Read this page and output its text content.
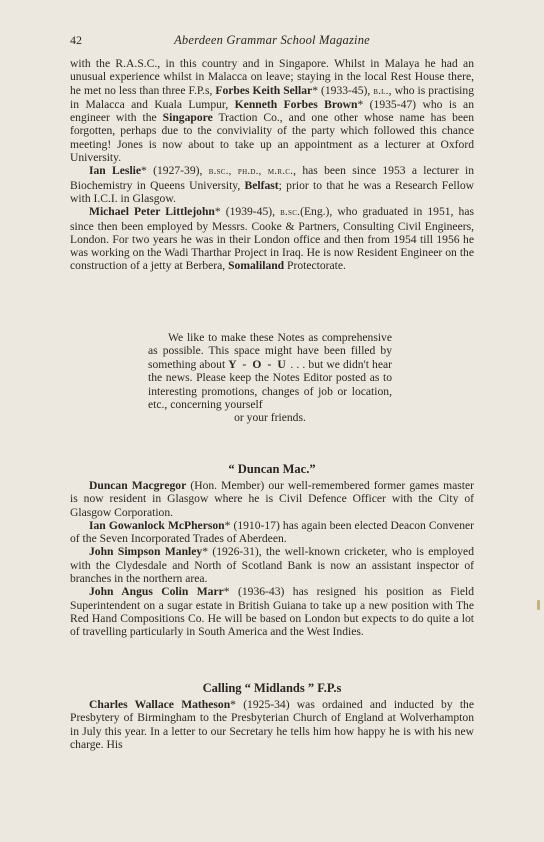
42	Aberdeen Grammar School Magazine

with the R.A.S.C., in this country and in Singapore. Whilst in Malaya he had an unusual experience whilst in Malacca on leave; staying in the local Rest House there, he met no less than three F.P.s, Forbes Keith Sellar* (1933-45), b.l., who is practising in Malacca and Kuala Lumpur, Kenneth Forbes Brown* (1935-47) who is an engineer with the Singapore Traction Co., and one other whose name has been forgotten, perhaps due to the conviviality of the party which followed this chance meeting! Jones is now about to take up an appointment as a lecturer at Oxford University.

Ian Leslie* (1927-39), b.sc., ph.d., m.r.c., has been since 1953 a lecturer in Biochemistry in Queens University, Belfast; prior to that he was a Research Fellow with I.C.I. in Glasgow.

Michael Peter Littlejohn* (1939-45), b.sc.(Eng.), who graduated in 1951, has since then been employed by Messrs. Cooke & Partners, Consulting Civil Engineers, London. For two years he was in their London office and then from 1954 till 1956 he was working on the Wadi Tharthar Project in Iraq. He is now Resident Engineer on the construction of a jetty at Berbera, Somaliland Protectorate.

We like to make these Notes as comprehensive as possible. This space might have been filled by something about Y - O - U . . . but we didn't hear the news. Please keep the Notes Editor posted as to interesting promotions, changes of job or location, etc., concerning yourself

or your friends.

“ Duncan Mac.”

Duncan Macgregor (Hon. Member) our well-remembered former games master is now resident in Glasgow where he is Civil Defence Officer with the City of Glasgow Corporation.

Ian Gowanlock McPherson* (1910-17) has again been elected Deacon Convener of the Seven Incorporated Trades of Aberdeen.

John Simpson Manley* (1926-31), the well-known cricketer, who is employed with the Clydesdale and North of Scotland Bank is now an assistant inspector of branches in the northern area.

John Angus Colin Marr* (1936-43) has resigned his position as Field Superintendent on a sugar estate in British Guiana to take up a new position with The Red Hand Compositions Co. He will be based on London but expects to do quite a lot of travelling particularly in South America and the West Indies.

Calling “ Midlands ” F.P.s

Charles Wallace Matheson* (1925-34) was ordained and inducted by the Presbytery of Birmingham to the Presbyterian Church of England at Wolverhampton in July this year. In a letter to our Secretary he tells him how happy he is with his new charge. His
